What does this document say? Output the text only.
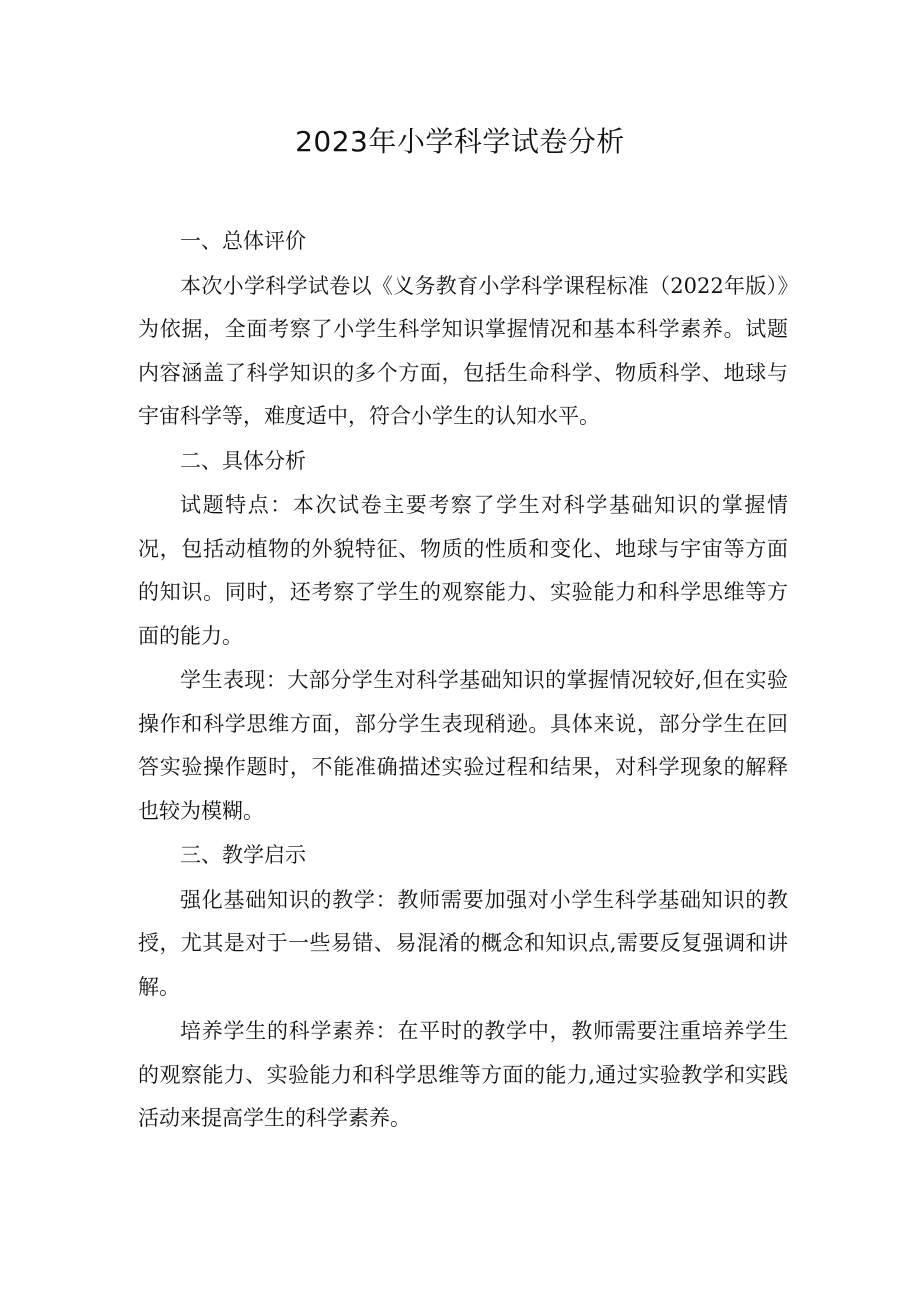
2023年小学科学试卷分析

一、总体评价

本次小学科学试卷以《义务教育小学科学课程标准（2022年版）》为依据，全面考察了小学生科学知识掌握情况和基本科学素养。试题内容涵盖了科学知识的多个方面，包括生命科学、物质科学、地球与宇宙科学等，难度适中，符合小学生的认知水平。

二、具体分析

试题特点：本次试卷主要考察了学生对科学基础知识的掌握情况，包括动植物的外貌特征、物质的性质和变化、地球与宇宙等方面的知识。同时，还考察了学生的观察能力、实验能力和科学思维等方面的能力。

学生表现：大部分学生对科学基础知识的掌握情况较好,但在实验操作和科学思维方面，部分学生表现稍逊。具体来说，部分学生在回答实验操作题时，不能准确描述实验过程和结果，对科学现象的解释也较为模糊。

三、教学启示

强化基础知识的教学：教师需要加强对小学生科学基础知识的教授，尤其是对于一些易错、易混淆的概念和知识点,需要反复强调和讲解。

培养学生的科学素养：在平时的教学中，教师需要注重培养学生的观察能力、实验能力和科学思维等方面的能力,通过实验教学和实践活动来提高学生的科学素养。
